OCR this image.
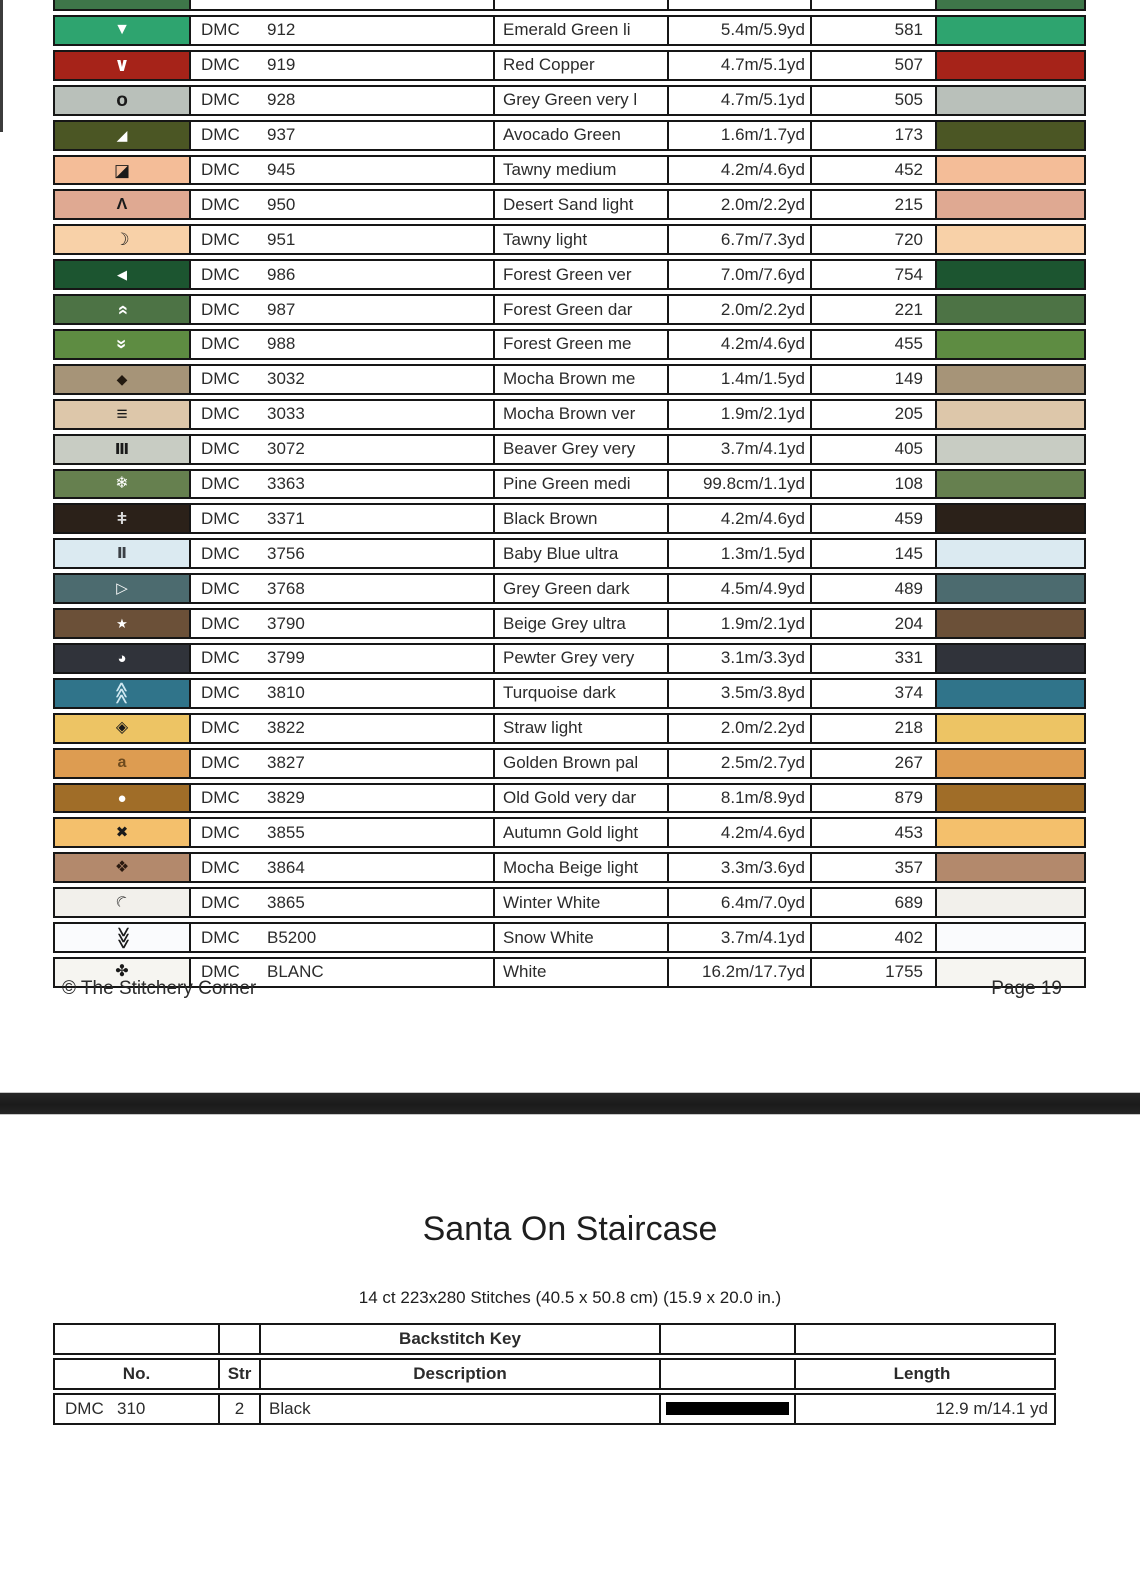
▼	DMC	912	Emerald Green li	5.4m/5.9yd	581
∨	DMC	919	Red Copper	4.7m/5.1yd	507
o	DMC	928	Grey Green very l	4.7m/5.1yd	505
◢	DMC	937	Avocado Green	1.6m/1.7yd	173
◪	DMC	945	Tawny medium	4.2m/4.6yd	452
Λ	DMC	950	Desert Sand light	2.0m/2.2yd	215
☽	DMC	951	Tawny light	6.7m/7.3yd	720
◀	DMC	986	Forest Green ver	7.0m/7.6yd	754
»	DMC	987	Forest Green dar	2.0m/2.2yd	221
»	DMC	988	Forest Green me	4.2m/4.6yd	455
◆	DMC	3032	Mocha Brown me	1.4m/1.5yd	149
≡	DMC	3033	Mocha Brown ver	1.9m/2.1yd	205
Ⅲ	DMC	3072	Beaver Grey very	3.7m/4.1yd	405
❄	DMC	3363	Pine Green medi	99.8cm/1.1yd	108
ǂ	DMC	3371	Black Brown	4.2m/4.6yd	459
Ⅱ	DMC	3756	Baby Blue ultra	1.3m/1.5yd	145
▷	DMC	3768	Grey Green dark	4.5m/4.9yd	489
★	DMC	3790	Beige Grey ultra	1.9m/2.1yd	204
◕	DMC	3799	Pewter Grey very	3.1m/3.3yd	331
⋙	DMC	3810	Turquoise dark	3.5m/3.8yd	374
◈	DMC	3822	Straw light	2.0m/2.2yd	218
a	DMC	3827	Golden Brown pal	2.5m/2.7yd	267
●	DMC	3829	Old Gold very dar	8.1m/8.9yd	879
✖	DMC	3855	Autumn Gold light	4.2m/4.6yd	453
❖	DMC	3864	Mocha Beige light	3.3m/3.6yd	357
☾	DMC	3865	Winter White	6.4m/7.0yd	689
⋙	DMC	B5200	Snow White	3.7m/4.1yd	402
✤	DMC	BLANC	White	16.2m/17.7yd	1755
© The Stitchery Corner	Page 19
Santa On Staircase
14 ct 223x280 Stitches (40.5 x 50.8 cm) (15.9 x 20.0 in.)
Backstitch Key
No.	Str	Description	Length
DMC 310	2	Black	12.9 m/14.1 yd
